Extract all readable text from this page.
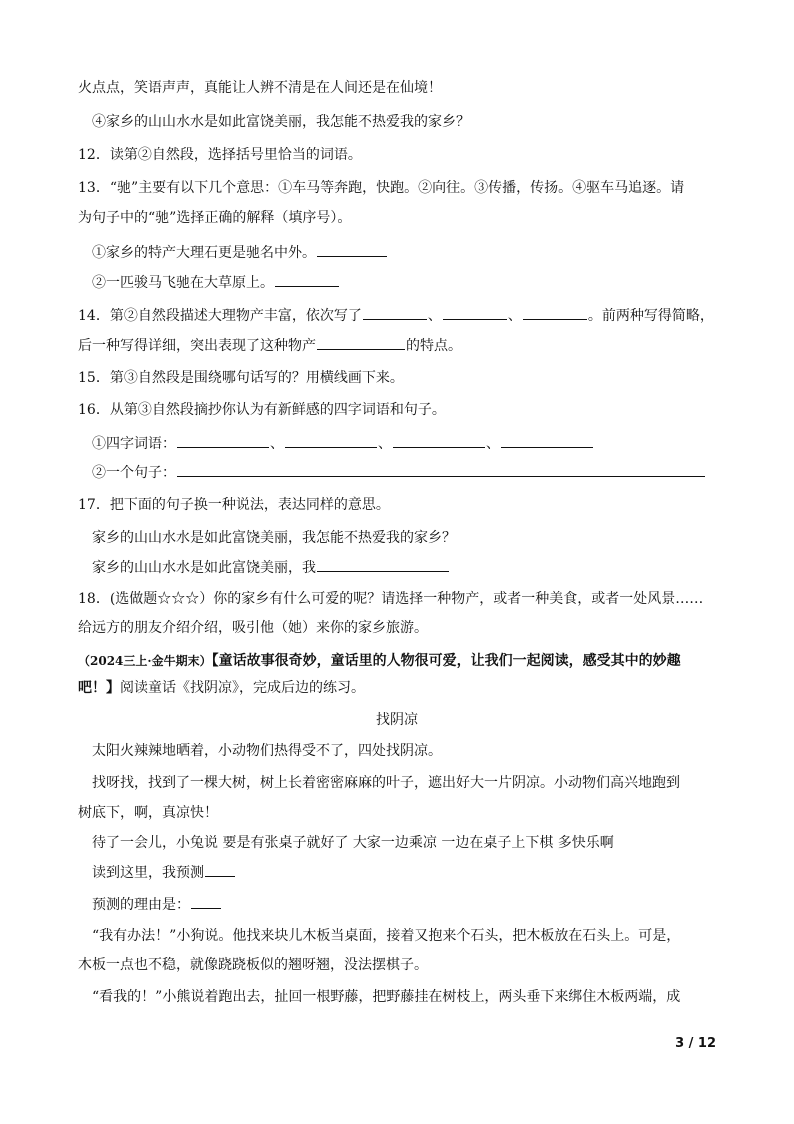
火点点，笑语声声，真能让人辨不清是在人间还是在仙境！
④家乡的山山水水是如此富饶美丽，我怎能不热爱我的家乡？
12．读第②自然段，选择括号里恰当的词语。
13．“驰”主要有以下几个意思：①车马等奔跑，快跑。②向往。③传播，传扬。④驱车马追逐。请
为句子中的“驰”选择正确的解释（填序号）。
①家乡的特产大理石更是驰名中外。
②一匹骏马飞驰在大草原上。
14．第②自然段描述大理物产丰富，依次写了	、	、	。前两种写得简略，
后一种写得详细，突出表现了这种物产	的特点。
15．第③自然段是围绕哪句话写的？用横线画下来。
16．从第③自然段摘抄你认为有新鲜感的四字词语和句子。
①四字词语：	、	、	、
②一个句子：
17．把下面的句子换一种说法，表达同样的意思。
家乡的山山水水是如此富饶美丽，我怎能不热爱我的家乡？
家乡的山山水水是如此富饶美丽，我
18．(选做题☆☆☆）你的家乡有什么可爱的呢？请选择一种物产，或者一种美食，或者一处风景……
给远方的朋友介绍介绍，吸引他（她）来你的家乡旅游。
（2024三上·金牛期末）【童话故事很奇妙，童话里的人物很可爱，让我们一起阅读，感受其中的妙趣
吧！】阅读童话《找阴凉》，完成后边的练习。
找阴凉
太阳火辣辣地晒着，小动物们热得受不了，四处找阴凉。
找呀找，找到了一棵大树，树上长着密密麻麻的叶子，遮出好大一片阴凉。小动物们高兴地跑到
树底下，啊，真凉快！
待了一会儿，小兔说 要是有张桌子就好了 大家一边乘凉 一边在桌子上下棋 多快乐啊
读到这里，我预测
预测的理由是：
“我有办法！”小狗说。他找来块儿木板当桌面，接着又抱来个石头，把木板放在石头上。可是，
木板一点也不稳，就像跷跷板似的翘呀翘，没法摆棋子。
“看我的！”小熊说着跑出去，扯回一根野藤，把野藤挂在树枝上，两头垂下来绑住木板两端，成
3 / 12
